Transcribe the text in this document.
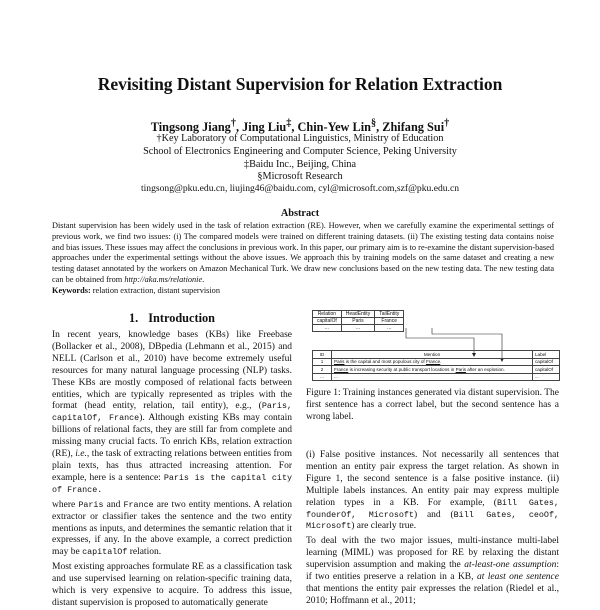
Revisiting Distant Supervision for Relation Extraction
Tingsong Jiang†, Jing Liu‡, Chin-Yew Lin§, Zhifang Sui†
†Key Laboratory of Computational Linguistics, Ministry of Education
School of Electronics Engineering and Computer Science, Peking University
‡Baidu Inc., Beijing, China
§Microsoft Research
tingsong@pku.edu.cn, liujing46@baidu.com, cyl@microsoft.com,szf@pku.edu.cn
Abstract
Distant supervision has been widely used in the task of relation extraction (RE). However, when we carefully examine the experimental settings of previous work, we find two issues: (i) The compared models were trained on different training datasets. (ii) The existing testing data contains noise and bias issues. These issues may affect the conclusions in previous work. In this paper, our primary aim is to re-examine the distant supervision-based approaches under the experimental settings without the above issues. We approach this by training models on the same dataset and creating a new testing dataset annotated by the workers on Amazon Mechanical Turk. We draw new conclusions based on the new testing data. The new testing data can be obtained from http://aka.ms/relationie.
Keywords: relation extraction, distant supervision
1. Introduction

In recent years, knowledge bases (KBs) like Freebase (Bollacker et al., 2008), DBpedia (Lehmann et al., 2015) and NELL (Carlson et al., 2010) have become extremely useful resources for many natural language processing (NLP) tasks. These KBs are mostly composed of relational facts between entities, which are typically represented as triples with the format (head entity, relation, tail entity), e.g., (Paris, capitalOf, France). Although existing KBs may contain billions of relational facts, they are still far from complete and missing many crucial facts. To enrich KBs, relation extraction (RE), i.e., the task of extracting relations between entities from plain texts, has thus attracted increasing attention. For example, here is a sentence: Paris is the capital city of France.

where Paris and France are two entity mentions. A relation extractor or classifier takes the sentence and the two entity mentions as inputs, and determines the semantic relation that it expresses, if any. In the above example, a correct prediction may be capitalOf relation.

Most existing approaches formulate RE as a classification task and use supervised learning on relation-specific training data, which is very expensive to acquire. To address this issue, distant supervision is proposed to automatically generate

Relation	HeadEntity	TailEntity
capitalOf	Paris	France
...	...	...
ID	Mention	Label
1	Paris is the capital and most populous city of France.	capitalOf
2	France is increasing security at public transport locations in Paris after an explosion.	capitalOf
...	...	...
Figure 1: Training instances generated via distant supervision. The first sentence has a correct label, but the second sentence has a wrong label.

(i) False positive instances. Not necessarily all sentences that mention an entity pair express the target relation. As shown in Figure 1, the second sentence is a false positive instance. (ii) Multiple labels instances. An entity pair may express multiple relation types in a KB. For example, (Bill Gates, founderOf, Microsoft) and (Bill Gates, ceoOf, Microsoft) are clearly true.

To deal with the two major issues, multi-instance multi-label learning (MIML) was proposed for RE by relaxing the distant supervision assumption and making the at-least-one assumption: if two entities preserve a relation in a KB, at least one sentence that mentions the entity pair expresses the relation (Riedel et al., 2010; Hoffmann et al., 2011;
